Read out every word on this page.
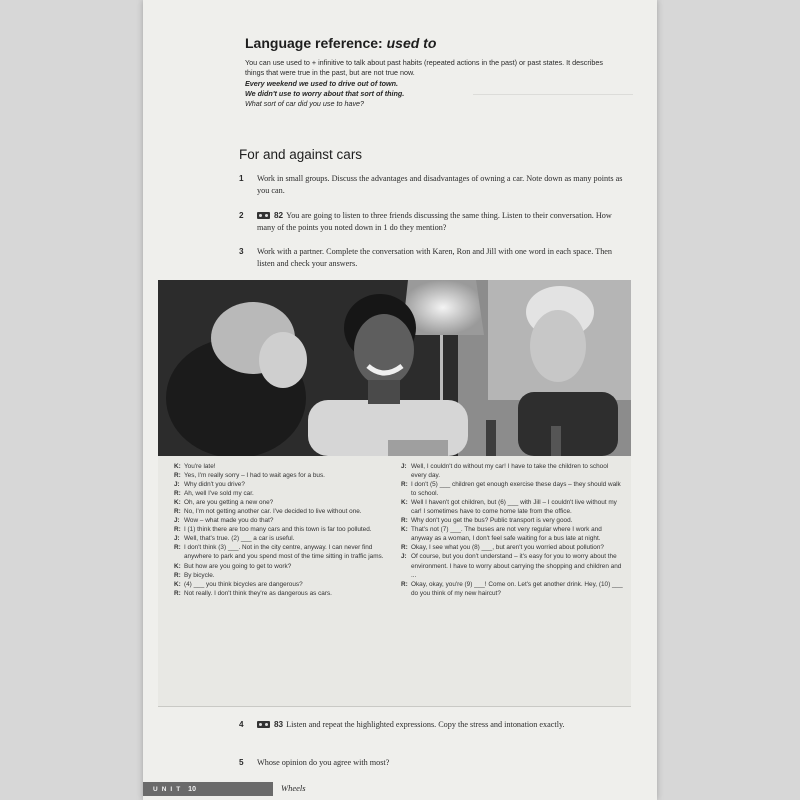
Language reference: used to

You can use used to + infinitive to talk about past habits (repeated actions in the past) or past states. It describes things that were true in the past, but are not true now.
Every weekend we used to drive out of town.
We didn't use to worry about that sort of thing.
What sort of car did you use to have?

For and against cars
1	Work in small groups. Discuss the advantages and disadvantages of owning a car. Note down as many points as you can.
2	82 You are going to listen to three friends discussing the same thing. Listen to their conversation. How many of the points you noted down in 1 do they mention?
3	Work with a partner. Complete the conversation with Karen, Ron and Jill with one word in each space. Then listen and check your answers.
K: You're late!
R: Yes, I'm really sorry – I had to wait ages for a bus.
J: Why didn't you drive?
R: Ah, well I've sold my car.
K: Oh, are you getting a new one?
R: No, I'm not getting another car. I've decided to live without one.
J: Wow – what made you do that?
R: I (1) think there are too many cars and this town is far too polluted.
J: Well, that's true. (2) ___ a car is useful.
R: I don't think (3) ___. Not in the city centre, anyway. I can never find anywhere to park and you spend most of the time sitting in traffic jams.
K: But how are you going to get to work?
R: By bicycle.
K: (4) ___ you think bicycles are dangerous?
R: Not really. I don't think they're as dangerous as cars.
J: Well, I couldn't do without my car! I have to take the children to school every day.
R: I don't (5) ___ children get enough exercise these days – they should walk to school.
K: Well I haven't got children, but (6) ___ with Jill – I couldn't live without my car! I sometimes have to come home late from the office.
R: Why don't you get the bus? Public transport is very good.
K: That's not (7) ___. The buses are not very regular where I work and anyway as a woman, I don't feel safe waiting for a bus late at night.
R: Okay, I see what you (8) ___, but aren't you worried about pollution?
J: Of course, but you don't understand – it's easy for you to worry about the environment. I have to worry about carrying the shopping and children and ...
R: Okay, okay, you're (9) ___! Come on. Let's get another drink. Hey, (10) ___ do you think of my new haircut?
4	83 Listen and repeat the highlighted expressions. Copy the stress and intonation exactly.
5	Whose opinion do you agree with most?
UNIT 10	Wheels
